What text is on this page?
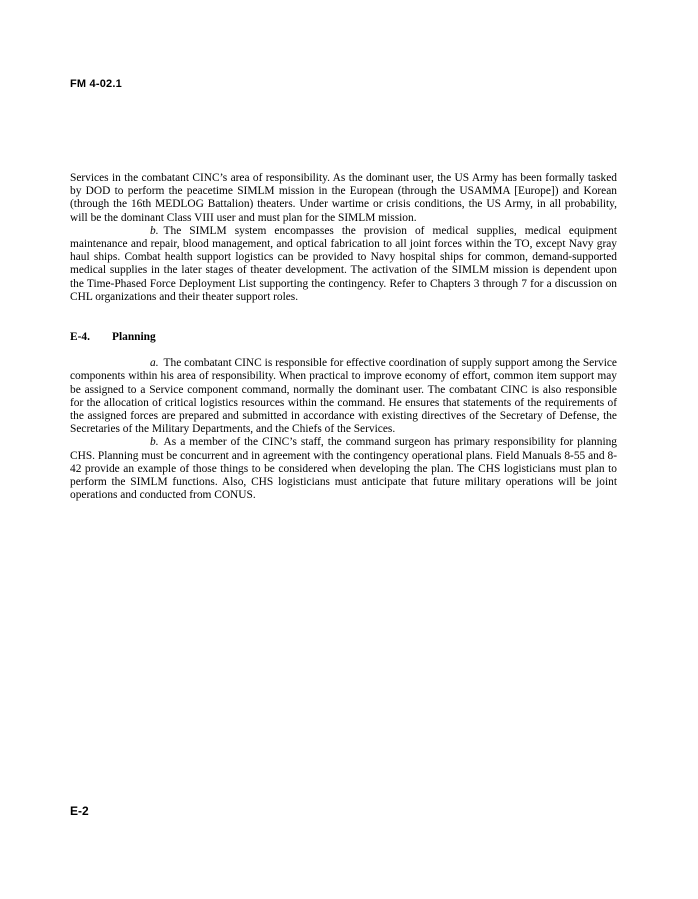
FM 4-02.1

Services in the combatant CINC’s area of responsibility. As the dominant user, the US Army has been formally tasked by DOD to perform the peacetime SIMLM mission in the European (through the USAMMA [Europe]) and Korean (through the 16th MEDLOG Battalion) theaters. Under wartime or crisis conditions, the US Army, in all probability, will be the dominant Class VIII user and must plan for the SIMLM mission.

b. The SIMLM system encompasses the provision of medical supplies, medical equipment maintenance and repair, blood management, and optical fabrication to all joint forces within the TO, except Navy gray haul ships. Combat health support logistics can be provided to Navy hospital ships for common, demand-supported medical supplies in the later stages of theater development. The activation of the SIMLM mission is dependent upon the Time-Phased Force Deployment List supporting the contingency. Refer to Chapters 3 through 7 for a discussion on CHL organizations and their theater support roles.

E-4. Planning

a. The combatant CINC is responsible for effective coordination of supply support among the Service components within his area of responsibility. When practical to improve economy of effort, common item support may be assigned to a Service component command, normally the dominant user. The combatant CINC is also responsible for the allocation of critical logistics resources within the command. He ensures that statements of the requirements of the assigned forces are prepared and submitted in accordance with existing directives of the Secretary of Defense, the Secretaries of the Military Departments, and the Chiefs of the Services.

b. As a member of the CINC’s staff, the command surgeon has primary responsibility for planning CHS. Planning must be concurrent and in agreement with the contingency operational plans. Field Manuals 8-55 and 8-42 provide an example of those things to be considered when developing the plan. The CHS logisticians must plan to perform the SIMLM functions. Also, CHS logisticians must anticipate that future military operations will be joint operations and conducted from CONUS.

E-2
